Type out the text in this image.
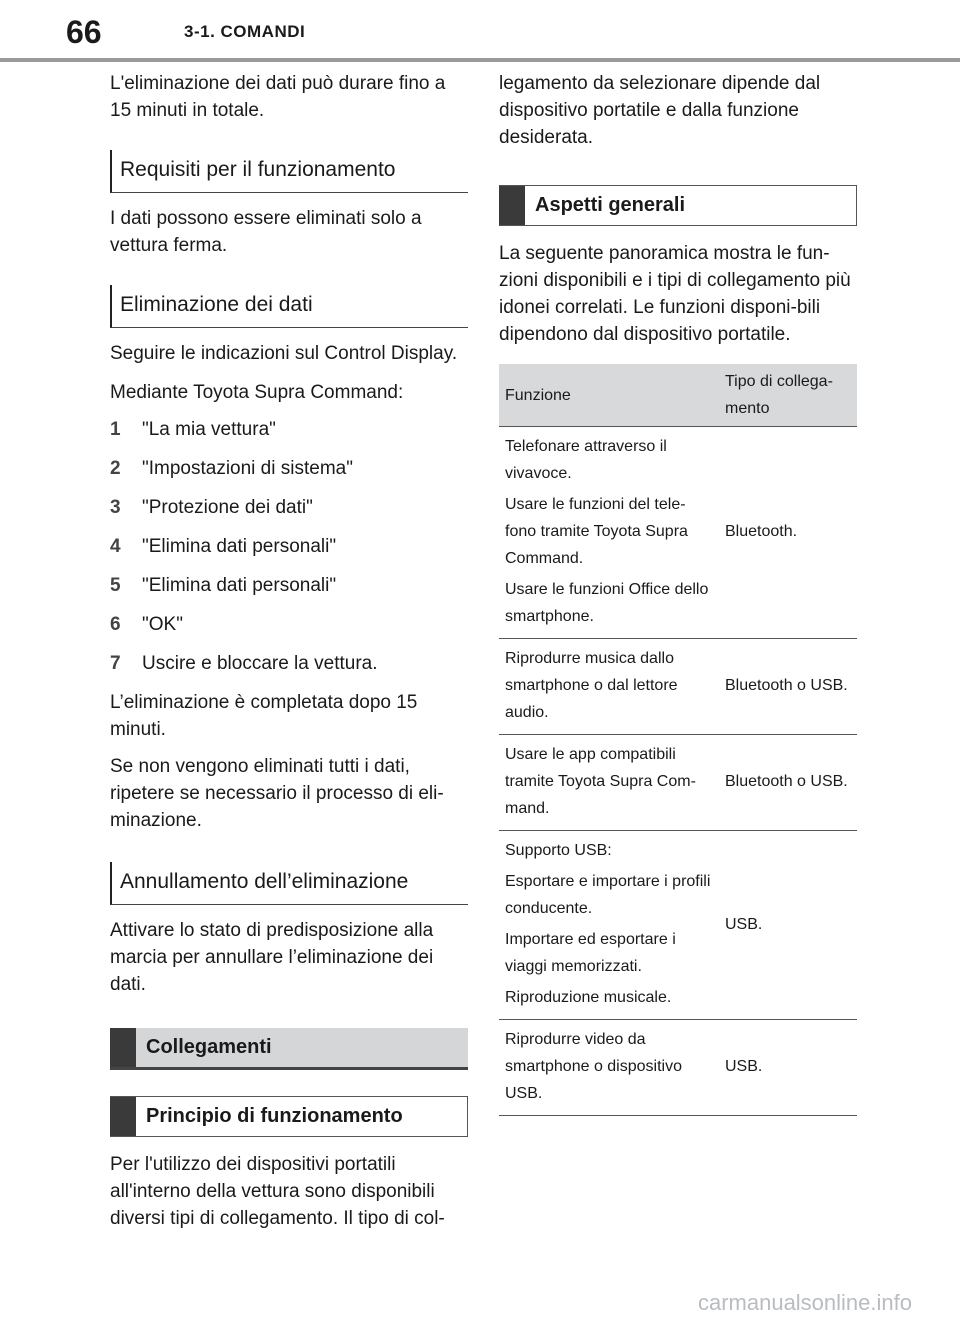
66	3-1. COMANDI

L'eliminazione dei dati può durare fino a 15 minuti in totale.

Requisiti per il funzionamento

I dati possono essere eliminati solo a vettura ferma.

Eliminazione dei dati

Seguire le indicazioni sul Control Display.

Mediante Toyota Supra Command:

1	"La mia vettura"
2	"Impostazioni di sistema"
3	"Protezione dei dati"
4	"Elimina dati personali"
5	"Elimina dati personali"
6	"OK"
7	Uscire e bloccare la vettura.

L’eliminazione è completata dopo 15 minuti.

Se non vengono eliminati tutti i dati, ripetere se necessario il processo di eli-minazione.

Annullamento dell’eliminazione

Attivare lo stato di predisposizione alla marcia per annullare l’eliminazione dei dati.

Collegamenti
Principio di funzionamento

Per l'utilizzo dei dispositivi portatili all'interno della vettura sono disponibili diversi tipi di collegamento. Il tipo di col-

legamento da selezionare dipende dal dispositivo portatile e dalla funzione desiderata.

Aspetti generali

La seguente panoramica mostra le fun-zioni disponibili e i tipi di collegamento più idonei correlati. Le funzioni disponi-bili dipendono dal dispositivo portatile.

Funzione	Tipo di collega-mento

Telefonare attraverso il vivavoce.
Usare le funzioni del tele-fono tramite Toyota Supra Command.
Usare le funzioni Office dello smartphone.	Bluetooth.

Riprodurre musica dallo smartphone o dal lettore audio.	Bluetooth o USB.

Usare le app compatibili tramite Toyota Supra Com-mand.	Bluetooth o USB.

Supporto USB:
Esportare e importare i profili conducente.
Importare ed esportare i viaggi memorizzati.
Riproduzione musicale.	USB.

Riprodurre video da smartphone o dispositivo USB.	USB.
carmanualsonline.info
